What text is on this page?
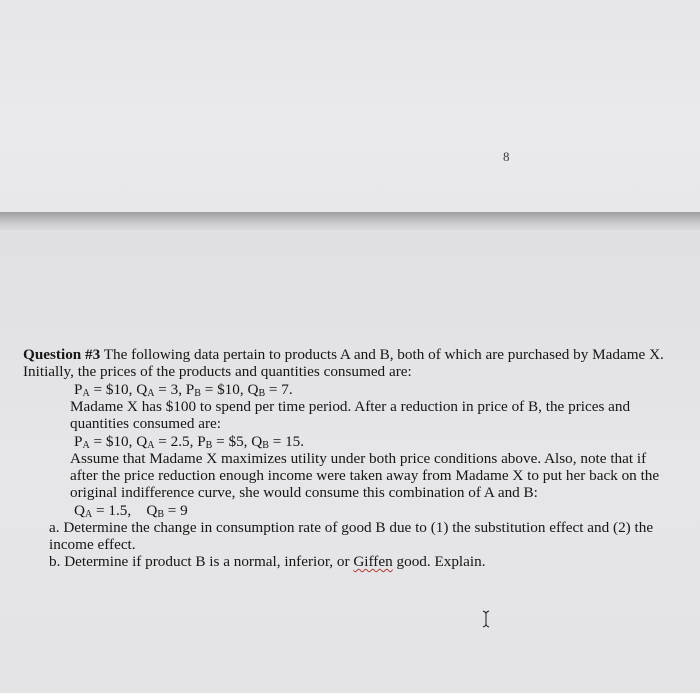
8

Question #3 The following data pertain to products A and B, both of which are purchased by Madame X. Initially, the prices of the products and quantities consumed are:

$P_A$ = $10, $Q_A = 3$, $P_B$ = $10, $Q_B = 7$.

Madame X has $100 to spend per time period. After a reduction in price of B, the prices and quantities consumed are:

$P_A$ = $10, $Q_A = 2.5$, $P_B$ = $5, $Q_B = 15$.

Assume that Madame X maximizes utility under both price conditions above. Also, note that if after the price reduction enough income were taken away from Madame X to put her back on the original indifference curve, she would consume this combination of A and B:

$Q_A = 1.5$,    $Q_B = 9$

a. Determine the change in consumption rate of good B due to (1) the substitution effect and (2) the income effect.

b. Determine if product B is a normal, inferior, or Giffen good. Explain.
